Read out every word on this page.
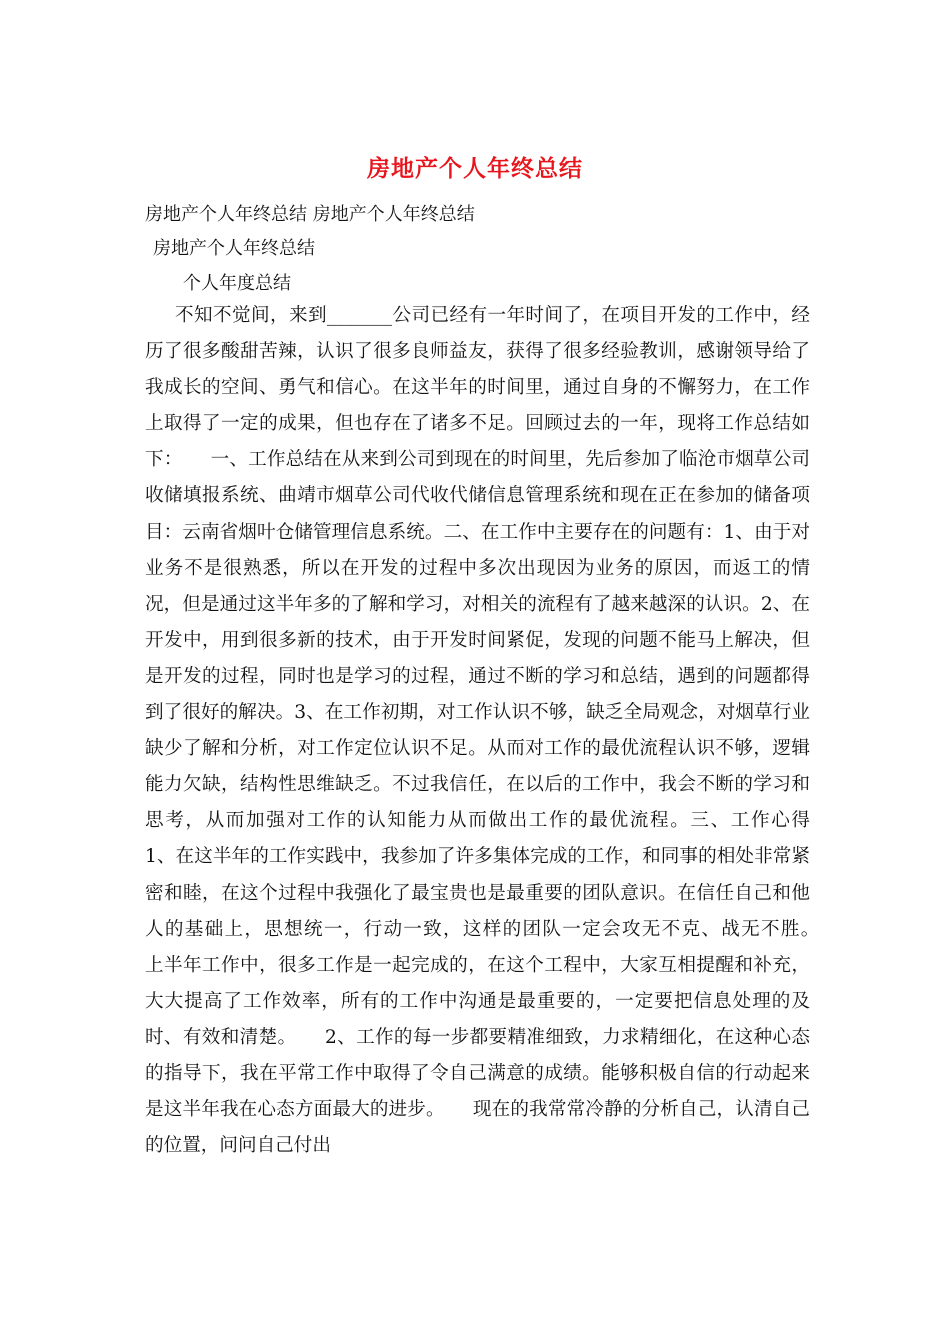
房地产个人年终总结
房地产个人年终总结 房地产个人年终总结
房地产个人年终总结
个人年度总结

不知不觉间，来到_______公司已经有一年时间了，在项目开发的工作中，经历了很多酸甜苦辣，认识了很多良师益友，获得了很多经验教训，感谢领导给了我成长的空间、勇气和信心。在这半年的时间里，通过自身的不懈努力，在工作上取得了一定的成果，但也存在了诸多不足。回顾过去的一年，现将工作总结如下：　　一、工作总结在从来到公司到现在的时间里，先后参加了临沧市烟草公司收储填报系统、曲靖市烟草公司代收代储信息管理系统和现在正在参加的储备项目：云南省烟叶仓储管理信息系统。二、在工作中主要存在的问题有：1、由于对业务不是很熟悉，所以在开发的过程中多次出现因为业务的原因，而返工的情况，但是通过这半年多的了解和学习，对相关的流程有了越来越深的认识。2、在开发中，用到很多新的技术，由于开发时间紧促，发现的问题不能马上解决，但是开发的过程，同时也是学习的过程，通过不断的学习和总结，遇到的问题都得到了很好的解决。3、在工作初期，对工作认识不够，缺乏全局观念，对烟草行业缺少了解和分析，对工作定位认识不足。从而对工作的最优流程认识不够，逻辑能力欠缺，结构性思维缺乏。不过我信任，在以后的工作中，我会不断的学习和思考，从而加强对工作的认知能力从而做出工作的最优流程。三、工作心得　　1、在这半年的工作实践中，我参加了许多集体完成的工作，和同事的相处非常紧密和睦，在这个过程中我强化了最宝贵也是最重要的团队意识。在信任自己和他人的基础上，思想统一，行动一致，这样的团队一定会攻无不克、战无不胜。　　上半年工作中，很多工作是一起完成的，在这个工程中，大家互相提醒和补充，大大提高了工作效率，所有的工作中沟通是最重要的，一定要把信息处理的及时、有效和清楚。　　2、工作的每一步都要精准细致，力求精细化，在这种心态的指导下，我在平常工作中取得了令自己满意的成绩。能够积极自信的行动起来是这半年我在心态方面最大的进步。　　现在的我常常冷静的分析自己，认清自己的位置，问问自己付出
